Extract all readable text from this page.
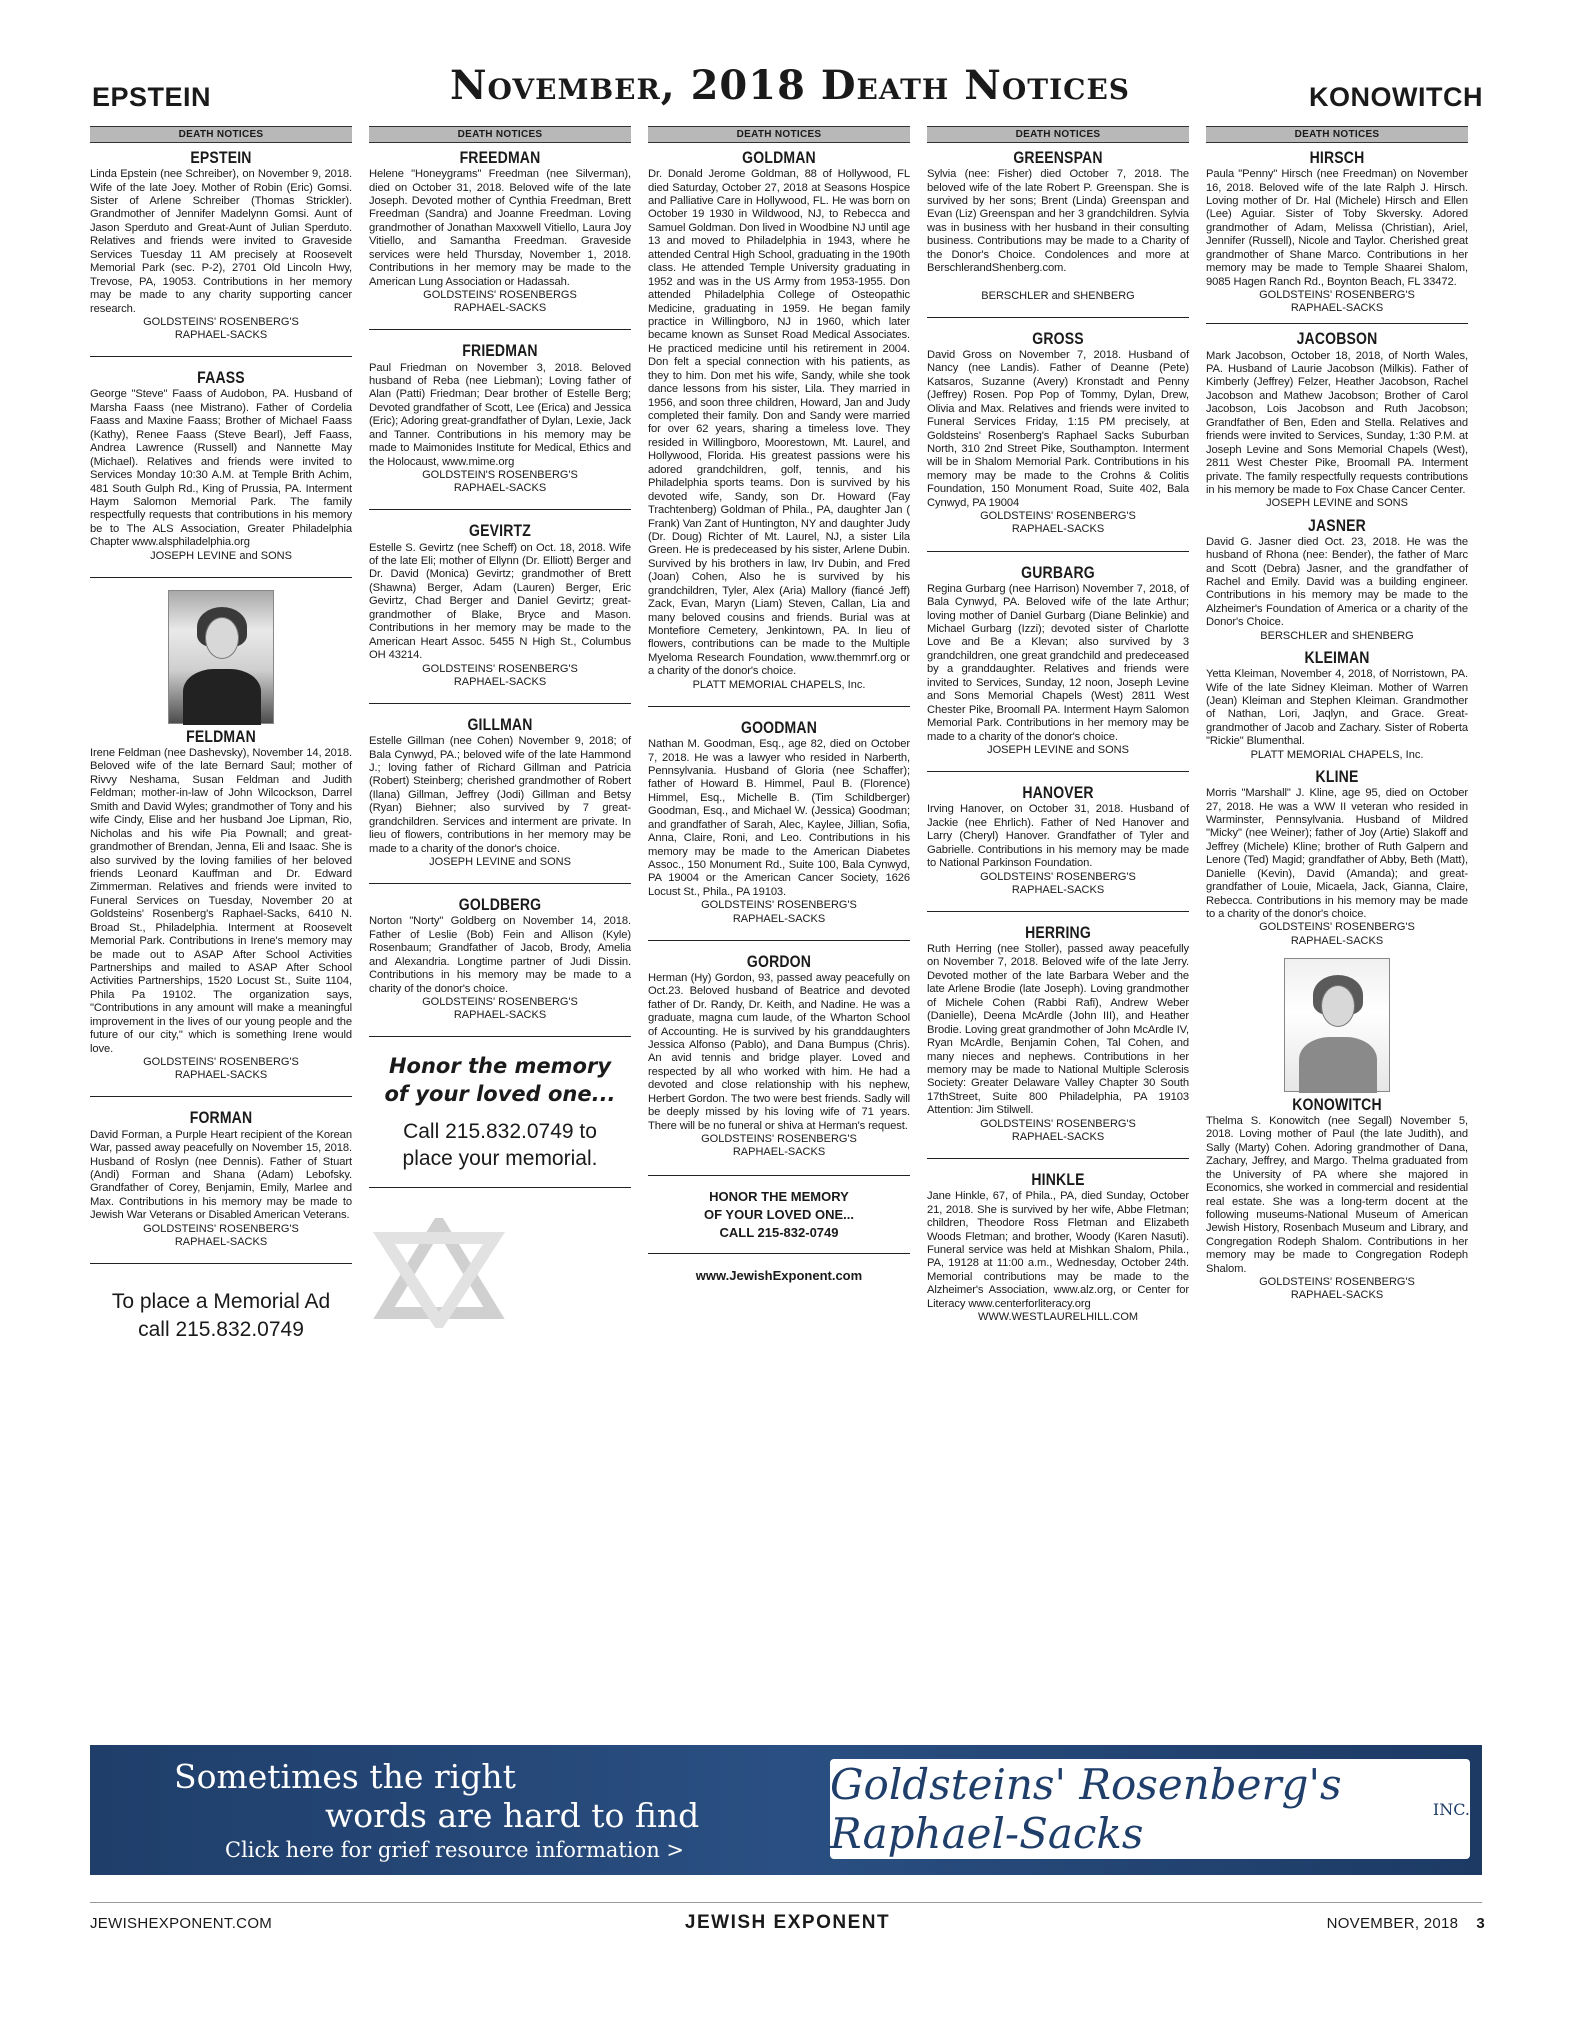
EPSTEIN	November, 2018 Death Notices	KONOWITCH
DEATH NOTICES
EPSTEIN
Linda Epstein (nee Schreiber), on November 9, 2018. Wife of the late Joey. Mother of Robin (Eric) Gomsi. Sister of Arlene Schreiber (Thomas Strickler). Grandmother of Jennifer Madelynn Gomsi. Aunt of Jason Sperduto and Great-Aunt of Julian Sperduto. Relatives and friends were invited to Graveside Services Tuesday 11 AM precisely at Roosevelt Memorial Park (sec. P-2), 2701 Old Lincoln Hwy, Trevose, PA, 19053. Contributions in her memory may be made to any charity supporting cancer research.
GOLDSTEINS' ROSENBERG'S
RAPHAEL-SACKS
FAASS
George "Steve" Faass of Audobon, PA. Husband of Marsha Faass (nee Mistrano). Father of Cordelia Faass and Maxine Faass; Brother of Michael Faass (Kathy), Renee Faass (Steve Bearl), Jeff Faass, Andrea Lawrence (Russell) and Nannette May (Michael). Relatives and friends were invited to Services Monday 10:30 A.M. at Temple Brith Achim, 481 South Gulph Rd., King of Prussia, PA. Interment Haym Salomon Memorial Park. The family respectfully requests that contributions in his memory be to The ALS Association, Greater Philadelphia Chapter www.alsphiladelphia.org
JOSEPH LEVINE and SONS
FELDMAN
Irene Feldman (nee Dashevsky), November 14, 2018. Beloved wife of the late Bernard Saul; mother of Rivvy Neshama, Susan Feldman and Judith Feldman; mother-in-law of John Wilcockson, Darrel Smith and David Wyles; grandmother of Tony and his wife Cindy, Elise and her husband Joe Lipman, Rio, Nicholas and his wife Pia Pownall; and great-grandmother of Brendan, Jenna, Eli and Isaac. She is also survived by the loving families of her beloved friends Leonard Kauffman and Dr. Edward Zimmerman. Relatives and friends were invited to Funeral Services on Tuesday, November 20 at Goldsteins' Rosenberg's Raphael-Sacks, 6410 N. Broad St., Philadelphia. Interment at Roosevelt Memorial Park. Contributions in Irene's memory may be made out to ASAP After School Activities Partnerships and mailed to ASAP After School Activities Partnerships, 1520 Locust St., Suite 1104, Phila Pa 19102. The organization says, "Contributions in any amount will make a meaningful improvement in the lives of our young people and the future of our city," which is something Irene would love.
GOLDSTEINS' ROSENBERG'S
RAPHAEL-SACKS
FORMAN
David Forman, a Purple Heart recipient of the Korean War, passed away peacefully on November 15, 2018. Husband of Roslyn (nee Dennis). Father of Stuart (Andi) Forman and Shana (Adam) Lebofsky. Grandfather of Corey, Benjamin, Emily, Marlee and Max. Contributions in his memory may be made to Jewish War Veterans or Disabled American Veterans.
GOLDSTEINS' ROSENBERG'S
RAPHAEL-SACKS
To place a Memorial Ad
call 215.832.0749
DEATH NOTICES
FREEDMAN
Helene "Honeygrams" Freedman (nee Silverman), died on October 31, 2018. Beloved wife of the late Joseph. Devoted mother of Cynthia Freedman, Brett Freedman (Sandra) and Joanne Freedman. Loving grandmother of Jonathan Maxxwell Vitiello, Laura Joy Vitiello, and Samantha Freedman. Graveside services were held Thursday, November 1, 2018. Contributions in her memory may be made to the American Lung Association or Hadassah.
GOLDSTEINS' ROSENBERGS
RAPHAEL-SACKS
FRIEDMAN
Paul Friedman on November 3, 2018. Beloved husband of Reba (nee Liebman); Loving father of Alan (Patti) Friedman; Dear brother of Estelle Berg; Devoted grandfather of Scott, Lee (Erica) and Jessica (Eric); Adoring great-grandfather of Dylan, Lexie, Jack and Tanner. Contributions in his memory may be made to Maimonides Institute for Medical, Ethics and the Holocaust, www.mime.org
GOLDSTEIN'S ROSENBERG'S
RAPHAEL-SACKS
GEVIRTZ
Estelle S. Gevirtz (nee Scheff) on Oct. 18, 2018. Wife of the late Eli; mother of Ellynn (Dr. Elliott) Berger and Dr. David (Monica) Gevirtz; grandmother of Brett (Shawna) Berger, Adam (Lauren) Berger, Eric Gevirtz, Chad Berger and Daniel Gevirtz; great-grandmother of Blake, Bryce and Mason. Contributions in her memory may be made to the American Heart Assoc. 5455 N High St., Columbus OH 43214.
GOLDSTEINS' ROSENBERG'S
RAPHAEL-SACKS
GILLMAN
Estelle Gillman (nee Cohen) November 9, 2018; of Bala Cynwyd, PA.; beloved wife of the late Hammond J.; loving father of Richard Gillman and Patricia (Robert) Steinberg; cherished grandmother of Robert (Ilana) Gillman, Jeffrey (Jodi) Gillman and Betsy (Ryan) Biehner; also survived by 7 great-grandchildren. Services and interment are private. In lieu of flowers, contributions in her memory may be made to a charity of the donor's choice.
JOSEPH LEVINE and SONS
GOLDBERG
Norton "Norty" Goldberg on November 14, 2018. Father of Leslie (Bob) Fein and Allison (Kyle) Rosenbaum; Grandfather of Jacob, Brody, Amelia and Alexandria. Longtime partner of Judi Dissin. Contributions in his memory may be made to a charity of the donor's choice.
GOLDSTEINS' ROSENBERG'S
RAPHAEL-SACKS
Honor the memory
of your loved one...
Call 215.832.0749 to
place your memorial.
DEATH NOTICES
GOLDMAN
Dr. Donald Jerome Goldman, 88 of Hollywood, FL died Saturday, October 27, 2018 at Seasons Hospice and Palliative Care in Hollywood, FL. He was born on October 19 1930 in Wildwood, NJ, to Rebecca and Samuel Goldman. Don lived in Woodbine NJ until age 13 and moved to Philadelphia in 1943, where he attended Central High School, graduating in the 190th class. He attended Temple University graduating in 1952 and was in the US Army from 1953-1955. Don attended Philadelphia College of Osteopathic Medicine, graduating in 1959. He began family practice in Willingboro, NJ in 1960, which later became known as Sunset Road Medical Associates. He practiced medicine until his retirement in 2004. Don felt a special connection with his patients, as they to him. Don met his wife, Sandy, while she took dance lessons from his sister, Lila. They married in 1956, and soon three children, Howard, Jan and Judy completed their family. Don and Sandy were married for over 62 years, sharing a timeless love. They resided in Willingboro, Moorestown, Mt. Laurel, and Hollywood, Florida. His greatest passions were his adored grandchildren, golf, tennis, and his Philadelphia sports teams. Don is survived by his devoted wife, Sandy, son Dr. Howard (Fay Trachtenberg) Goldman of Phila., PA, daughter Jan ( Frank) Van Zant of Huntington, NY and daughter Judy (Dr. Doug) Richter of Mt. Laurel, NJ, a sister Lila Green. He is predeceased by his sister, Arlene Dubin. Survived by his brothers in law, Irv Dubin, and Fred (Joan) Cohen, Also he is survived by his grandchildren, Tyler, Alex (Aria) Mallory (fiancé Jeff) Zack, Evan, Maryn (Liam) Steven, Callan, Lia and many beloved cousins and friends. Burial was at Montefiore Cemetery, Jenkintown, PA. In lieu of flowers, contributions can be made to the Multiple Myeloma Research Foundation, www.themmrf.org or a charity of the donor's choice.
PLATT MEMORIAL CHAPELS, Inc.
GOODMAN
Nathan M. Goodman, Esq., age 82, died on October 7, 2018. He was a lawyer who resided in Narberth, Pennsylvania. Husband of Gloria (nee Schaffer); father of Howard B. Himmel, Paul B. (Florence) Himmel, Esq., Michelle B. (Tim Schildberger) Goodman, Esq., and Michael W. (Jessica) Goodman; and grandfather of Sarah, Alec, Kaylee, Jillian, Sofia, Anna, Claire, Roni, and Leo. Contributions in his memory may be made to the American Diabetes Assoc., 150 Monument Rd., Suite 100, Bala Cynwyd, PA 19004 or the American Cancer Society, 1626 Locust St., Phila., PA 19103.
GOLDSTEINS' ROSENBERG'S
RAPHAEL-SACKS
GORDON
Herman (Hy) Gordon, 93, passed away peacefully on Oct.23. Beloved husband of Beatrice and devoted father of Dr. Randy, Dr. Keith, and Nadine. He was a graduate, magna cum laude, of the Wharton School of Accounting. He is survived by his granddaughters Jessica Alfonso (Pablo), and Dana Bumpus (Chris). An avid tennis and bridge player. Loved and respected by all who worked with him. He had a devoted and close relationship with his nephew, Herbert Gordon. The two were best friends. Sadly will be deeply missed by his loving wife of 71 years. There will be no funeral or shiva at Herman's request.
GOLDSTEINS' ROSENBERG'S
RAPHAEL-SACKS
HONOR THE MEMORY
OF YOUR LOVED ONE...
CALL 215-832-0749
www.JewishExponent.com
DEATH NOTICES
GREENSPAN
Sylvia (nee: Fisher) died October 7, 2018. The beloved wife of the late Robert P. Greenspan. She is survived by her sons; Brent (Linda) Greenspan and Evan (Liz) Greenspan and her 3 grandchildren. Sylvia was in business with her husband in their consulting business. Contributions may be made to a Charity of the Donor's Choice. Condolences and more at BerschlerandShenberg.com.
BERSCHLER and SHENBERG
GROSS
David Gross on November 7, 2018. Husband of Nancy (nee Landis). Father of Deanne (Pete) Katsaros, Suzanne (Avery) Kronstadt and Penny (Jeffrey) Rosen. Pop Pop of Tommy, Dylan, Drew, Olivia and Max. Relatives and friends were invited to Funeral Services Friday, 1:15 PM precisely, at Goldsteins' Rosenberg's Raphael Sacks Suburban North, 310 2nd Street Pike, Southampton. Interment will be in Shalom Memorial Park. Contributions in his memory may be made to the Crohns & Colitis Foundation, 150 Monument Road, Suite 402, Bala Cynwyd, PA 19004
GOLDSTEINS' ROSENBERG'S
RAPHAEL-SACKS
GURBARG
Regina Gurbarg (nee Harrison) November 7, 2018, of Bala Cynwyd, PA. Beloved wife of the late Arthur; loving mother of Daniel Gurbarg (Diane Belinkie) and Michael Gurbarg (Izzi); devoted sister of Charlotte Love and Be a Klevan; also survived by 3 grandchildren, one great grandchild and predeceased by a granddaughter. Relatives and friends were invited to Services, Sunday, 12 noon, Joseph Levine and Sons Memorial Chapels (West) 2811 West Chester Pike, Broomall PA. Interment Haym Salomon Memorial Park. Contributions in her memory may be made to a charity of the donor's choice.
JOSEPH LEVINE and SONS
HANOVER
Irving Hanover, on October 31, 2018. Husband of Jackie (nee Ehrlich). Father of Ned Hanover and Larry (Cheryl) Hanover. Grandfather of Tyler and Gabrielle. Contributions in his memory may be made to National Parkinson Foundation.
GOLDSTEINS' ROSENBERG'S
RAPHAEL-SACKS
HERRING
Ruth Herring (nee Stoller), passed away peacefully on November 7, 2018. Beloved wife of the late Jerry. Devoted mother of the late Barbara Weber and the late Arlene Brodie (late Joseph). Loving grandmother of Michele Cohen (Rabbi Rafi), Andrew Weber (Danielle), Deena McArdle (John III), and Heather Brodie. Loving great grandmother of John McArdle IV, Ryan McArdle, Benjamin Cohen, Tal Cohen, and many nieces and nephews. Contributions in her memory may be made to National Multiple Sclerosis Society: Greater Delaware Valley Chapter 30 South 17thStreet, Suite 800 Philadelphia, PA 19103 Attention: Jim Stilwell.
GOLDSTEINS' ROSENBERG'S
RAPHAEL-SACKS
HINKLE
Jane Hinkle, 67, of Phila., PA, died Sunday, October 21, 2018. She is survived by her wife, Abbe Fletman; children, Theodore Ross Fletman and Elizabeth Woods Fletman; and brother, Woody (Karen Nasuti). Funeral service was held at Mishkan Shalom, Phila., PA, 19128 at 11:00 a.m., Wednesday, October 24th. Memorial contributions may be made to the Alzheimer's Association, www.alz.org, or Center for Literacy www.centerforliteracy.org
WWW.WESTLAURELHILL.COM
DEATH NOTICES
HIRSCH
Paula "Penny" Hirsch (nee Freedman) on November 16, 2018. Beloved wife of the late Ralph J. Hirsch. Loving mother of Dr. Hal (Michele) Hirsch and Ellen (Lee) Aguiar. Sister of Toby Skversky. Adored grandmother of Adam, Melissa (Christian), Ariel, Jennifer (Russell), Nicole and Taylor. Cherished great grandmother of Shane Marco. Contributions in her memory may be made to Temple Shaarei Shalom, 9085 Hagen Ranch Rd., Boynton Beach, FL 33472.
GOLDSTEINS' ROSENBERG'S
RAPHAEL-SACKS
JACOBSON
Mark Jacobson, October 18, 2018, of North Wales, PA. Husband of Laurie Jacobson (Milkis). Father of Kimberly (Jeffrey) Felzer, Heather Jacobson, Rachel Jacobson and Mathew Jacobson; Brother of Carol Jacobson, Lois Jacobson and Ruth Jacobson; Grandfather of Ben, Eden and Stella. Relatives and friends were invited to Services, Sunday, 1:30 P.M. at Joseph Levine and Sons Memorial Chapels (West), 2811 West Chester Pike, Broomall PA. Interment private. The family respectfully requests contributions in his memory be made to Fox Chase Cancer Center.
JOSEPH LEVINE and SONS
JASNER
David G. Jasner died Oct. 23, 2018. He was the husband of Rhona (nee: Bender), the father of Marc and Scott (Debra) Jasner, and the grandfather of Rachel and Emily. David was a building engineer. Contributions in his memory may be made to the Alzheimer's Foundation of America or a charity of the Donor's Choice.
BERSCHLER and SHENBERG
KLEIMAN
Yetta Kleiman, November 4, 2018, of Norristown, PA. Wife of the late Sidney Kleiman. Mother of Warren (Jean) Kleiman and Stephen Kleiman. Grandmother of Nathan, Lori, Jaqlyn, and Grace. Great-grandmother of Jacob and Zachary. Sister of Roberta "Rickie" Blumenthal.
PLATT MEMORIAL CHAPELS, Inc.
KLINE
Morris "Marshall" J. Kline, age 95, died on October 27, 2018. He was a WW II veteran who resided in Warminster, Pennsylvania. Husband of Mildred "Micky" (nee Weiner); father of Joy (Artie) Slakoff and Jeffrey (Michele) Kline; brother of Ruth Galpern and Lenore (Ted) Magid; grandfather of Abby, Beth (Matt), Danielle (Kevin), David (Amanda); and great-grandfather of Louie, Micaela, Jack, Gianna, Claire, Rebecca. Contributions in his memory may be made to a charity of the donor's choice.
GOLDSTEINS' ROSENBERG'S
RAPHAEL-SACKS
KONOWITCH
Thelma S. Konowitch (nee Segall) November 5, 2018. Loving mother of Paul (the late Judith), and Sally (Marty) Cohen. Adoring grandmother of Dana, Zachary, Jeffrey, and Margo. Thelma graduated from the University of PA where she majored in Economics, she worked in commercial and residential real estate. She was a long-term docent at the following museums-National Museum of American Jewish History, Rosenbach Museum and Library, and Congregation Rodeph Shalom. Contributions in her memory may be made to Congregation Rodeph Shalom.
GOLDSTEINS' ROSENBERG'S
RAPHAEL-SACKS
Sometimes the right
words are hard to find
Click here for grief resource information >
Goldsteins' Rosenberg's Raphael-Sacks	INC.
JEWISHEXPONENT.COM	JEWISH EXPONENT	NOVEMBER, 2018 3
